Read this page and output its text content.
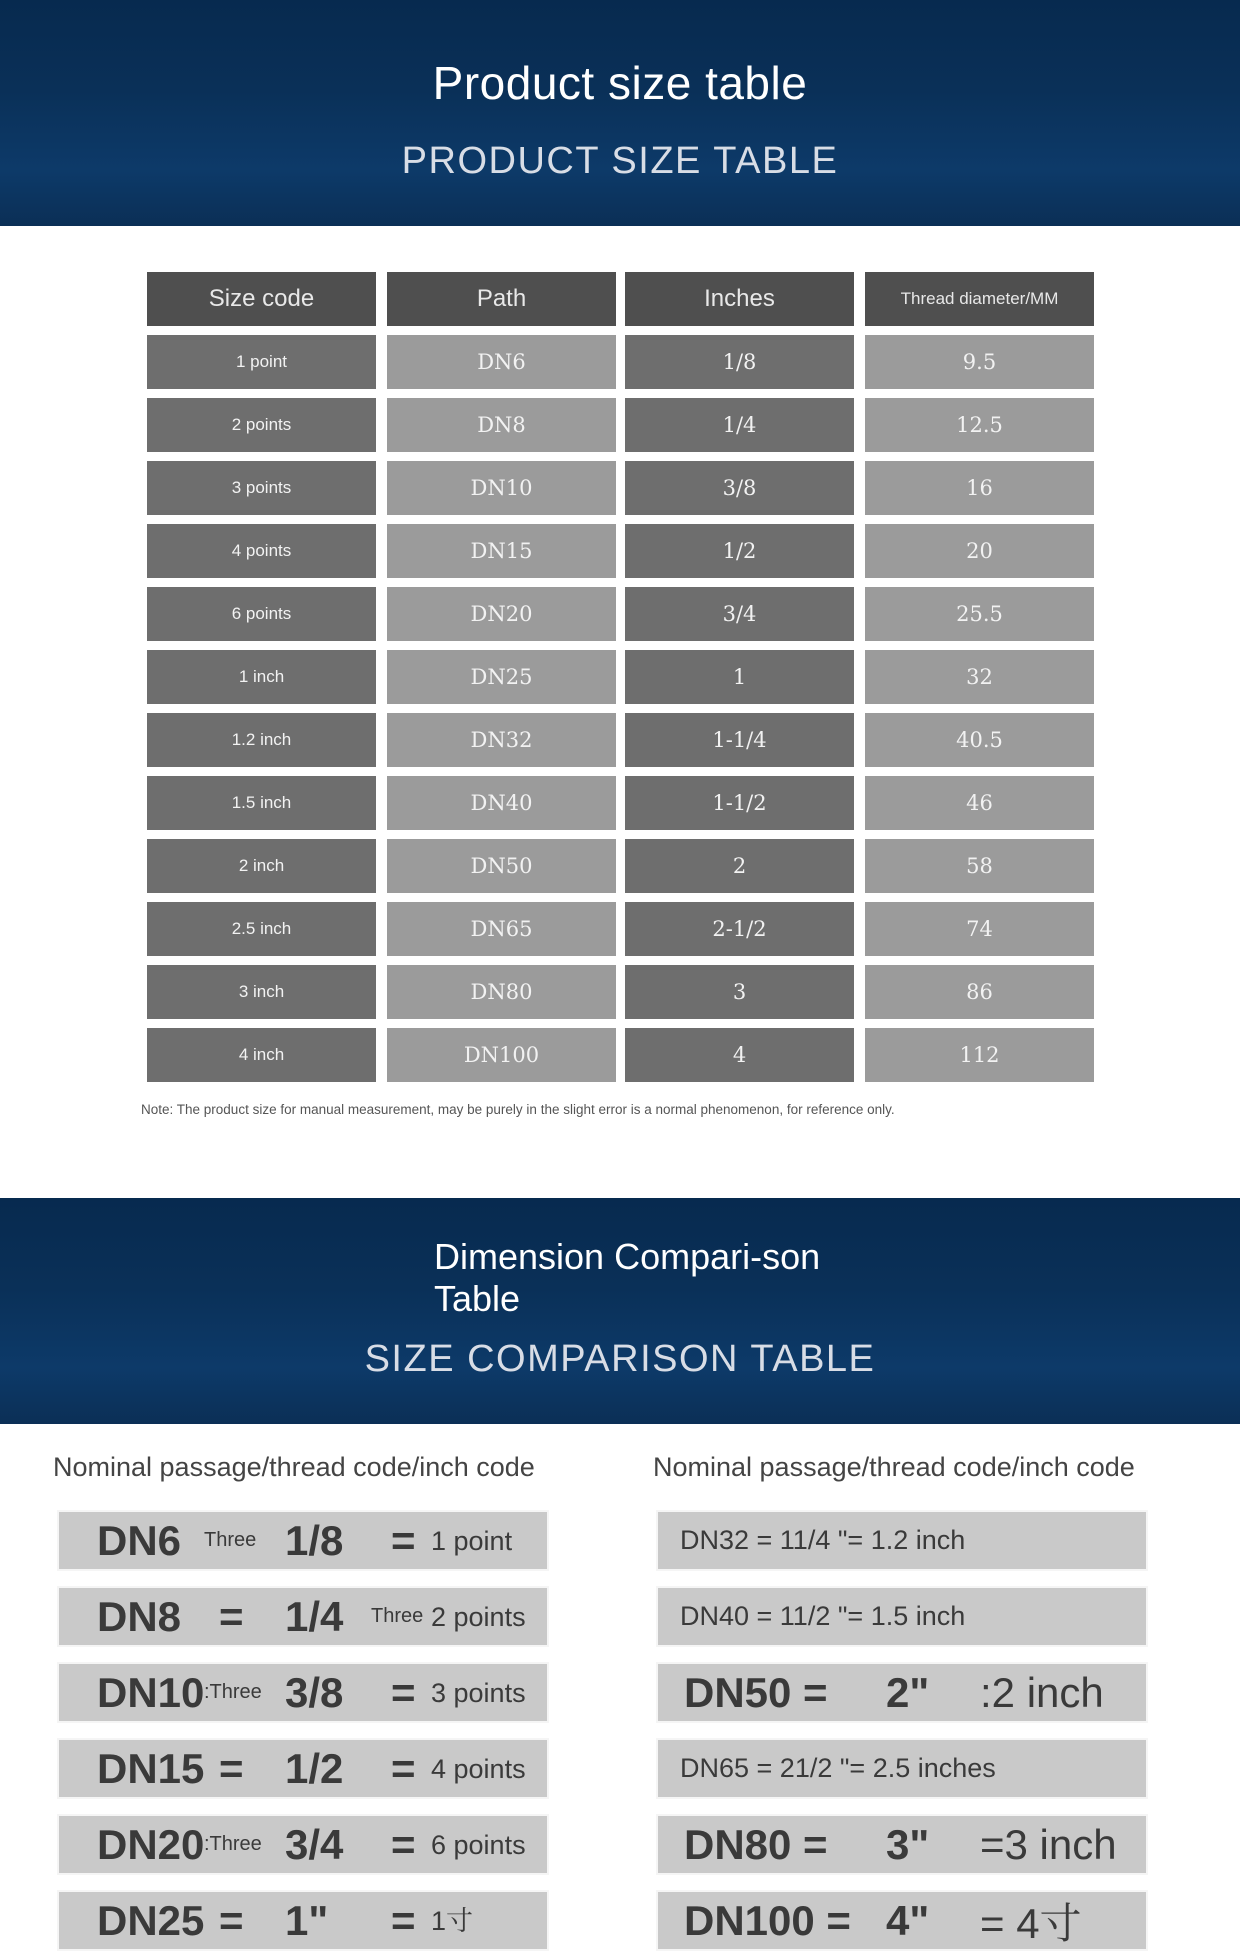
Product size table
PRODUCT SIZE TABLE
Size code	Path	Inches	Thread diameter/MM
1 point	DN6	1/8	9.5
2 points	DN8	1/4	12.5
3 points	DN10	3/8	16
4 points	DN15	1/2	20
6 points	DN20	3/4	25.5
1 inch	DN25	1	32
1.2 inch	DN32	1-1/4	40.5
1.5 inch	DN40	1-1/2	46
2 inch	DN50	2	58
2.5 inch	DN65	2-1/2	74
3 inch	DN80	3	86
4 inch	DN100	4	112
Note: The product size for manual measurement, may be purely in the slight error is a normal phenomenon, for reference only.
Dimension Compari-son Table
SIZE COMPARISON TABLE
Nominal passage/thread code/inch code	Nominal passage/thread code/inch code
DN6 Three 1/8 = 1 point
DN8 = 1/4 Three 2 points
DN10 :Three 3/8 = 3 points
DN15 = 1/2 = 4 points
DN20 :Three 3/4 = 6 points
DN25 = 1" = 1寸
DN32 = 11/4 "= 1.2 inch
DN40 = 11/2 "= 1.5 inch
DN50 = 2" :2 inch
DN65 = 21/2 "= 2.5 inches
DN80 = 3" =3 inch
DN100 = 4" = 4寸
